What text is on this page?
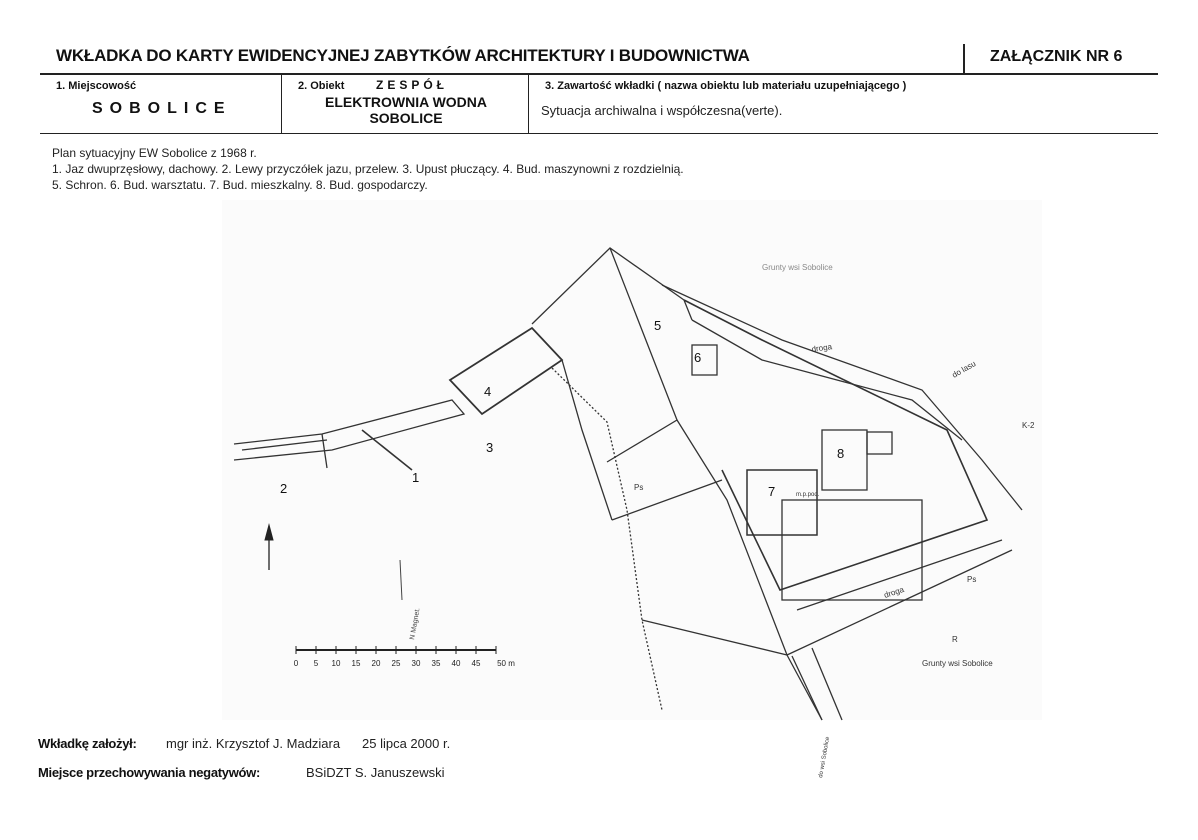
WKŁADKA DO KARTY EWIDENCYJNEJ ZABYTKÓW ARCHITEKTURY I BUDOWNICTWA	ZAŁĄCZNIK NR 6
1. Miejscowość
SOBOLICE
2. Obiekt	ZESPÓŁ
ELEKTROWNIA WODNA
SOBOLICE
3. Zawartość wkładki ( nazwa obiektu lub materiału uzupełniającego )
Sytuacja archiwalna i współczesna(verte).
Plan sytuacyjny EW Sobolice z 1968 r.
1. Jaz dwuprzęsłowy, dachowy. 2. Lewy przyczółek jazu, przelew. 3. Upust płuczący. 4. Bud. maszynowni z rozdzielnią.
5. Schron. 6. Bud. warsztatu. 7. Bud. mieszkalny. 8. Bud. gospodarczy.
0 5 10 15 20 25 30 35 40 45 50 m
N Magnet.
1
2
3
4
5
6
7
8
droga
droga
do lasu
Grunty wsi Sobolice
Grunty wsi Sobolice
Ps
Ps
K-2
R
m.p.pod.
do wsi Sobolice
Wkładkę założył: mgr inż. Krzysztof J. Madziara 25 lipca 2000 r.
Miejsce przechowywania negatywów:	BSiDZT S. Januszewski
